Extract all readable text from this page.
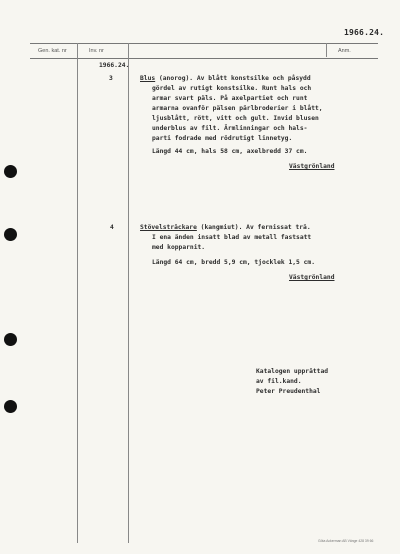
1966.24.
Gen. kat. nr	Inv. nr	Anm.
1966.24.
3	Blus (anorog). Av blått konstsilke och påsydd
gördel av rutigt konstsilke. Runt hals och
armar svart päls. På axelpartiet och runt
armarna ovanför pälsen pärlbroderier i blått,
ljusblått, rött, vitt och gult. Invid blusen
underblus av filt. Ärmlinningar och hals-
parti fodrade med rödrutigt linnetyg.
Längd 44 cm, hals 58 cm, axelbredd 37 cm.
Västgrönland
4	Stövelsträckare (kangmiut). Av fernissat trä.
I ena änden insatt blad av metall fastsatt
med kopparnit.
Längd 64 cm, bredd 5,9 cm, tjocklek 1,5 cm.
Västgrönland
Katalogen upprättad
av fil.kand.
Peter Preudenthal
Göta Ackerman AB Vänge 428 39 66
